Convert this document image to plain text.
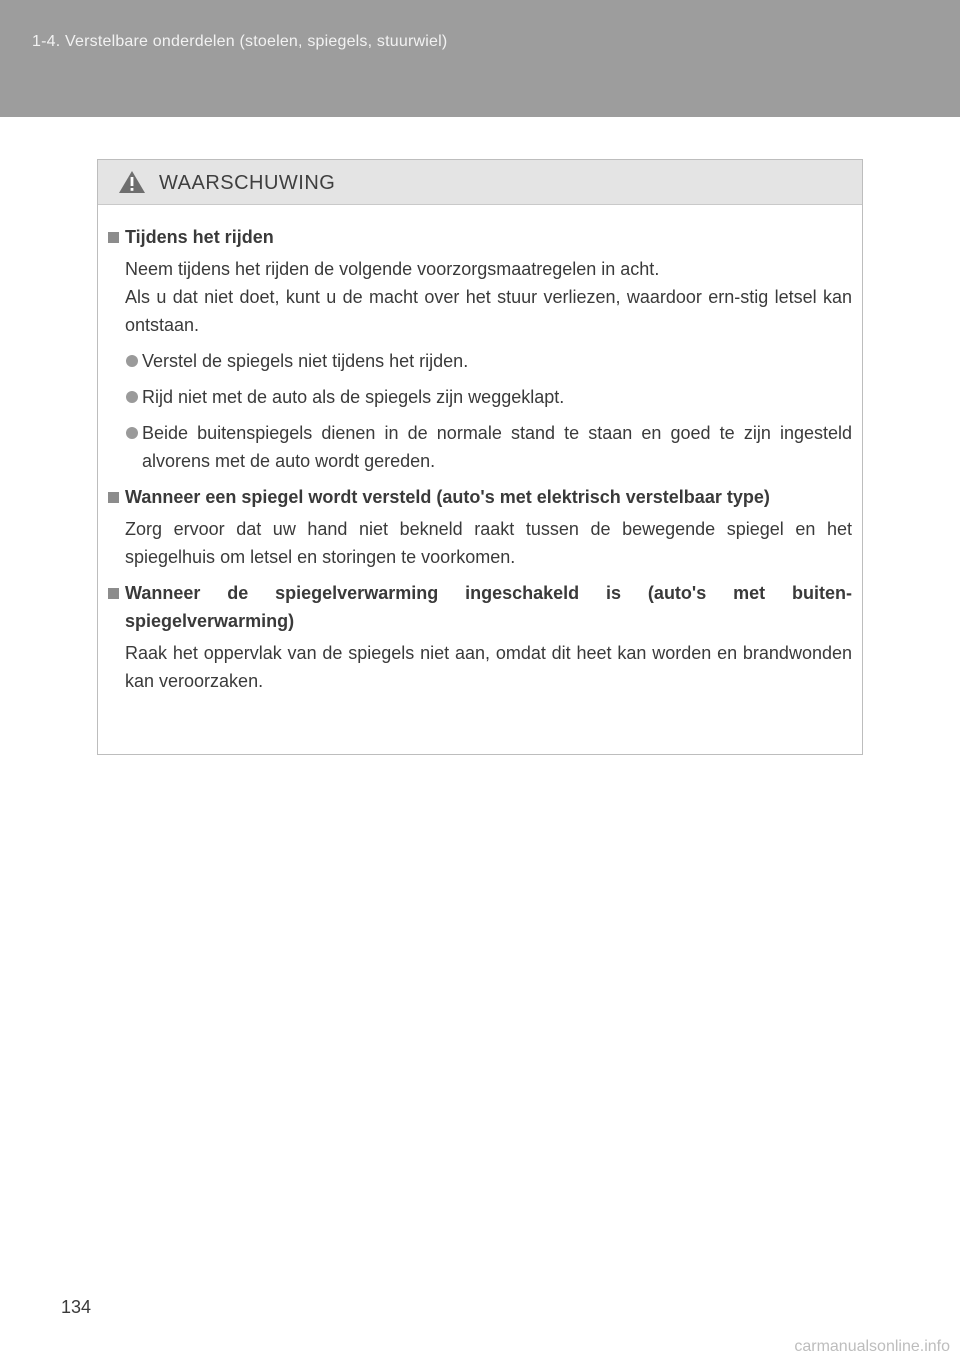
1-4. Verstelbare onderdelen (stoelen, spiegels, stuurwiel)
WAARSCHUWING
Tijdens het rijden
Neem tijdens het rijden de volgende voorzorgsmaatregelen in acht.
Als u dat niet doet, kunt u de macht over het stuur verliezen, waardoor ern-stig letsel kan ontstaan.
Verstel de spiegels niet tijdens het rijden.
Rijd niet met de auto als de spiegels zijn weggeklapt.
Beide buitenspiegels dienen in de normale stand te staan en goed te zijn ingesteld alvorens met de auto wordt gereden.
Wanneer een spiegel wordt versteld (auto's met elektrisch verstelbaar type)
Zorg ervoor dat uw hand niet bekneld raakt tussen de bewegende spiegel en het spiegelhuis om letsel en storingen te voorkomen.
Wanneer de spiegelverwarming ingeschakeld is (auto's met buiten-spiegelverwarming)
Raak het oppervlak van de spiegels niet aan, omdat dit heet kan worden en brandwonden kan veroorzaken.
134
carmanualsonline.info
